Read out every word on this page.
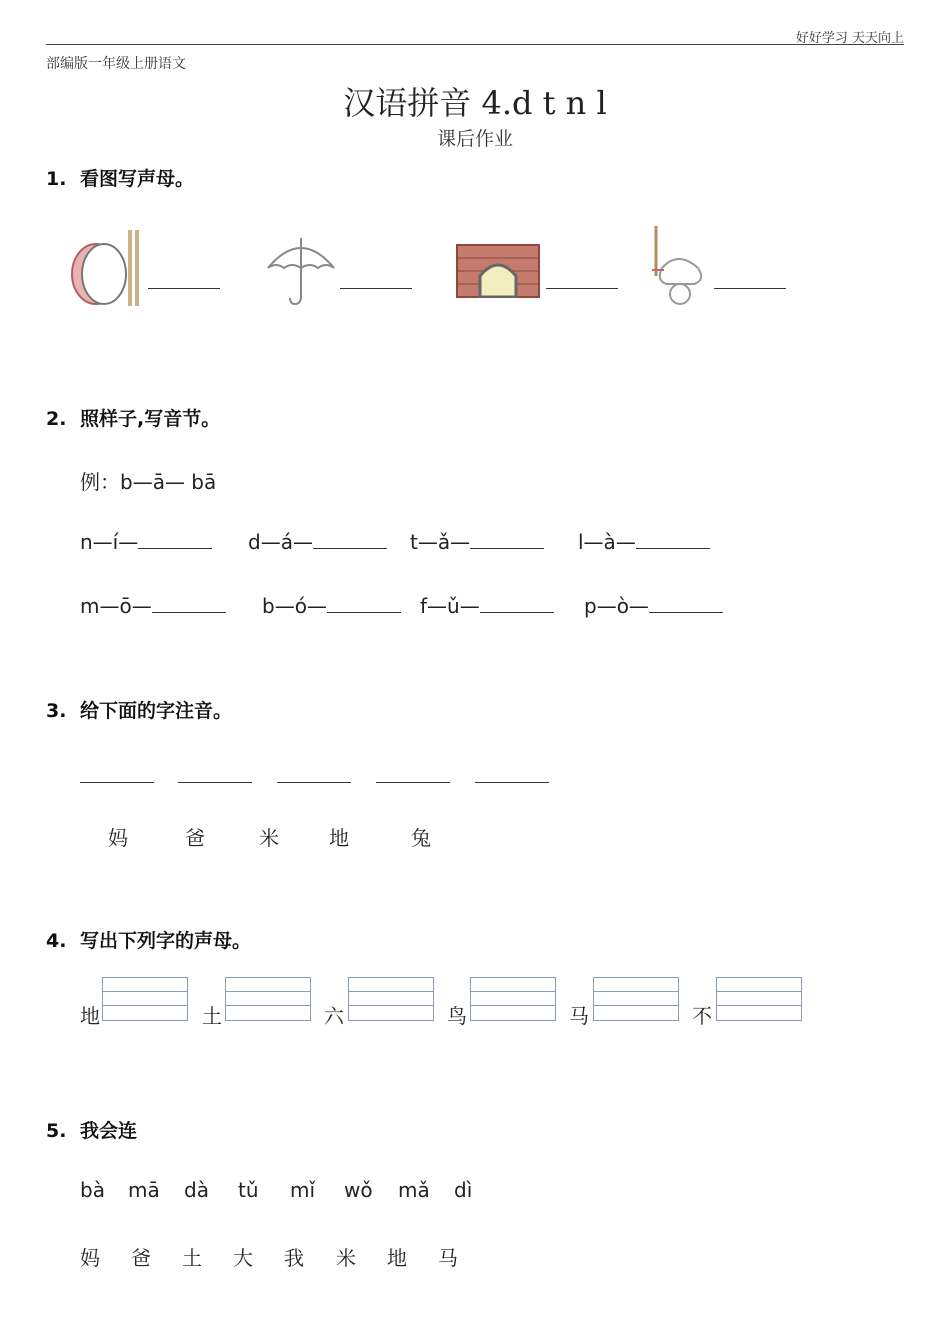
好好学习 天天向上
部编版一年级上册语文
汉语拼音 4.d t n l
课后作业
1. 看图写声母。
2. 照样子,写音节。
例：b—ā— bā
n—í—	d—á—	t—ǎ—	l—à—
m—ō—	b—ó—	f—ǔ—	p—ò—
3. 给下面的字注音。
妈	爸	米	地	兔
4. 写出下列字的声母。
地	土	六	鸟	马	不
5. 我会连
bà mā dà tǔ mǐ wǒ mǎ dì
妈 爸 土 大 我 米 地 马
